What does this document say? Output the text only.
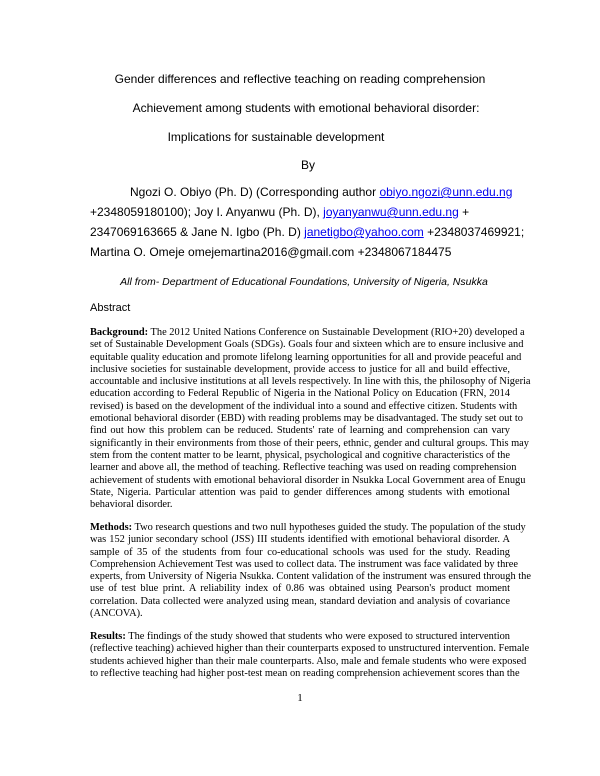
Gender differences and reflective teaching on reading comprehension
Achievement among students with emotional behavioral disorder:
Implications for sustainable development
By
Ngozi O. Obiyo (Ph. D) (Corresponding author obiyo.ngozi@unn.edu.ng
+2348059180100); Joy I. Anyanwu (Ph. D), joyanyanwu@unn.edu.ng +
2347069163665 & Jane N. Igbo (Ph. D) janetigbo@yahoo.com +2348037469921;
Martina O. Omeje omejemartina2016@gmail.com +2348067184475
All from- Department of Educational Foundations, University of Nigeria, Nsukka
Abstract
Background: The 2012 United Nations Conference on Sustainable Development (RIO+20) developed a
set of Sustainable Development Goals (SDGs). Goals four and sixteen which are to ensure inclusive and
equitable quality education and promote lifelong learning opportunities for all and provide peaceful and
inclusive societies for sustainable development, provide access to justice for all and build effective,
accountable and inclusive institutions at all levels respectively. In line with this, the philosophy of Nigeria
education according to Federal Republic of Nigeria in the National Policy on Education (FRN, 2014
revised) is based on the development of the individual into a sound and effective citizen. Students with
emotional behavioral disorder (EBD) with reading problems may be disadvantaged. The study set out to
find out how this problem can be reduced. Students' rate of learning and comprehension can vary
significantly in their environments from those of their peers, ethnic, gender and cultural groups. This may
stem from the content matter to be learnt, physical, psychological and cognitive characteristics of the
learner and above all, the method of teaching. Reflective teaching was used on reading comprehension
achievement of students with emotional behavioral disorder in Nsukka Local Government area of Enugu
State, Nigeria. Particular attention was paid to gender differences among students with emotional
behavioral disorder.
Methods: Two research questions and two null hypotheses guided the study. The population of the study
was 152 junior secondary school (JSS) III students identified with emotional behavioral disorder. A
sample of 35 of the students from four co-educational schools was used for the study. Reading
Comprehension Achievement Test was used to collect data. The instrument was face validated by three
experts, from University of Nigeria Nsukka. Content validation of the instrument was ensured through the
use of test blue print. A reliability index of 0.86 was obtained using Pearson's product moment
correlation. Data collected were analyzed using mean, standard deviation and analysis of covariance
(ANCOVA).
Results: The findings of the study showed that students who were exposed to structured intervention
(reflective teaching) achieved higher than their counterparts exposed to unstructured intervention. Female
students achieved higher than their male counterparts. Also, male and female students who were exposed
to reflective teaching had higher post-test mean on reading comprehension achievement scores than the
1
